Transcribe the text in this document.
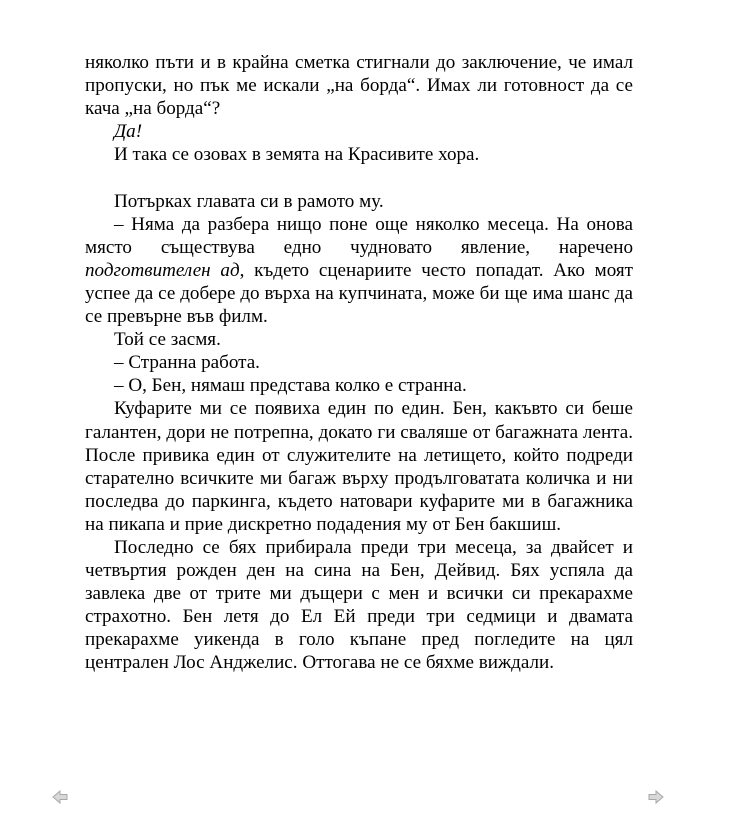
няколко пъти и в крайна сметка стигнали до заключение, че имал пропуски, но пък ме искали „на борда“. Имах ли готовност да се кача „на борда“?

Да!

И така се озовах в земята на Красивите хора.

Потърках главата си в рамото му.

– Няма да разбера нищо поне още няколко месеца. На онова място съществува едно чудновато явление, наречено подготвителен ад, където сценариите често попадат. Ако моят успее да се добере до върха на купчината, може би ще има шанс да се превърне във филм.

Той се засмя.

– Странна работа.

– О, Бен, нямаш представа колко е странна.

Куфарите ми се появиха един по един. Бен, какъвто си беше галантен, дори не потрепна, докато ги сваляше от багажната лента. После привика един от служителите на летището, който подреди старателно всичките ми багаж върху продълговатата количка и ни последва до паркинга, където натовари куфарите ми в багажника на пикапа и прие дискретно подадения му от Бен бакшиш.

Последно се бях прибирала преди три месеца, за двайсет и четвъртия рожден ден на сина на Бен, Дейвид. Бях успяла да завлека две от трите ми дъщери с мен и всички си прекарахме страхотно. Бен летя до Ел Ей преди три седмици и двамата прекарахме уикенда в голо къпане пред погледите на цял централен Лос Анджелис. Оттогава не се бяхме виждали.
